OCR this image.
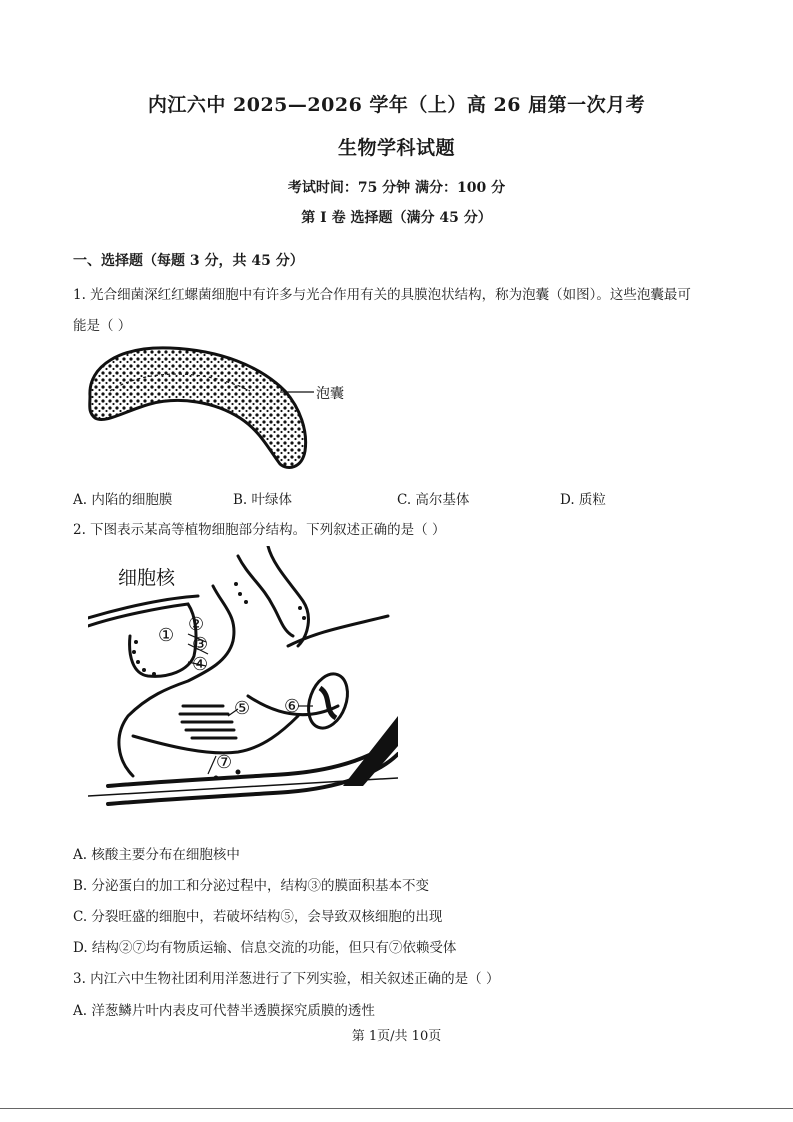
内江六中 2025—2026 学年（上）高 26 届第一次月考
生物学科试题
考试时间：75 分钟 满分：100 分
第 I 卷 选择题（满分 45 分）
一、选择题（每题 3 分，共 45 分）
1. 光合细菌深红红螺菌细胞中有许多与光合作用有关的具膜泡状结构，称为泡囊（如图）。这些泡囊最可
能是（ ）
泡囊
A. 内陷的细胞膜	B. 叶绿体	C. 高尔基体	D. 质粒
2. 下图表示某高等植物细胞部分结构。下列叙述正确的是（ ）
细胞核
①
②
③
④
⑤ ⑥
⑦
A. 核酸主要分布在细胞核中
B. 分泌蛋白的加工和分泌过程中，结构③的膜面积基本不变
C. 分裂旺盛的细胞中，若破坏结构⑤，会导致双核细胞的出现
D. 结构②⑦均有物质运输、信息交流的功能，但只有⑦依赖受体
3. 内江六中生物社团利用洋葱进行了下列实验，相关叙述正确的是（ ）
A. 洋葱鳞片叶内表皮可代替半透膜探究质膜的透性
第 1页/共 10页
